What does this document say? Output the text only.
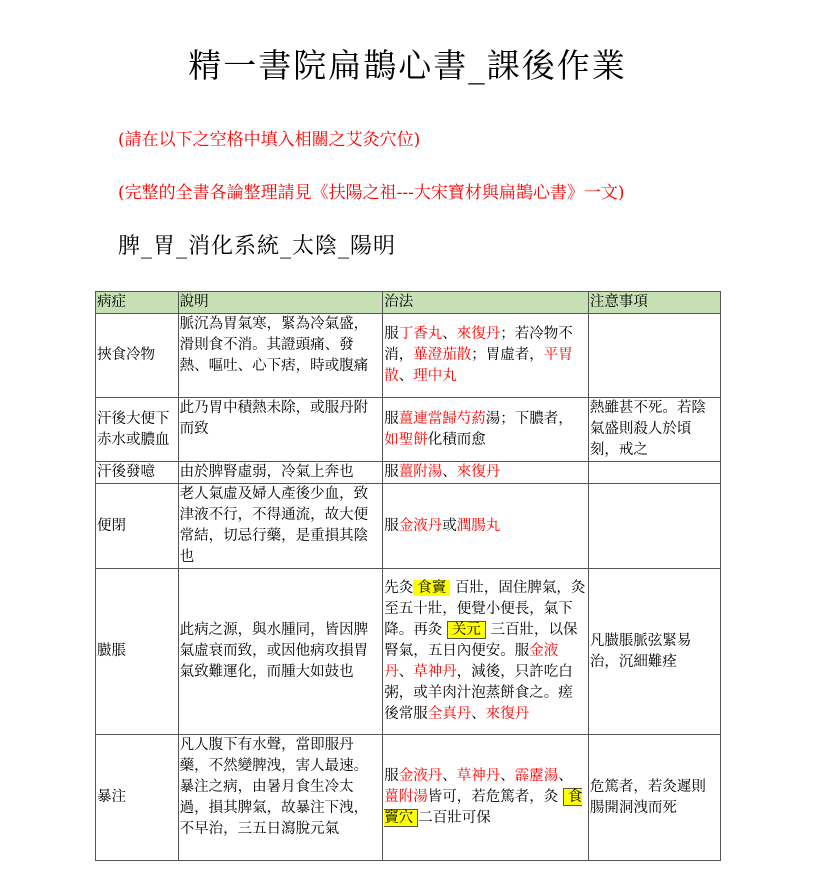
精一書院扁鵲心書_課後作業
(請在以下之空格中填入相關之艾灸穴位)
(完整的全書各論整理請見《扶陽之祖---大宋寶材與扁鵲心書》一文)
脾_胃_消化系統_太陰_陽明
病症	說明	治法	注意事項
挾食冷物	脈沉為胃氣寒，緊為冷氣盛，滑則食不消。其證頭痛、發熱、嘔吐、心下痞，時或腹痛	服丁香丸、來復丹；若冷物不消，蓽澄茄散；胃虛者，平胃散、理中丸	
汗後大便下赤水或膿血	此乃胃中積熱未除，或服丹附而致	服薑連當歸芍葯湯；下膿者，如聖餅化積而愈	熱雖甚不死。若陰氣盛則殺人於頃刻，戒之
汗後發噫	由於脾腎虛弱，冷氣上奔也	服薑附湯、來復丹	
便閉	老人氣虛及婦人產後少血，致津液不行，不得通流，故大便常結，切忌行藥，是重損其陰也	服金液丹或潤腸丸	
臌脹	此病之源，與水腫同，皆因脾氣虛衰而致，或因他病攻損胃氣致難運化，而腫大如鼓也	先灸 食竇 百壯，固住脾氣，灸至五十壯，便覺小便長，氣下降。再灸 关元 三百壯，以保腎氣，五日內便安。服金液丹、草神丹，減後，只許吃白粥，或羊肉汁泡蒸餅食之。瘥後常服全真丹、來復丹	凡臌脹脈弦緊易治，沉細難痊
暴注	凡人腹下有水聲，當即服丹藥，不然變脾洩，害人最速。暴注之病，由暑月食生冷太過，損其脾氣，故暴注下洩，不早治，三五日瀉脫元氣	服金液丹、草神丹、霹靂湯、薑附湯皆可，若危篤者，灸 食竇穴 二百壯可保	危篤者，若灸遲則腸開洞洩而死
